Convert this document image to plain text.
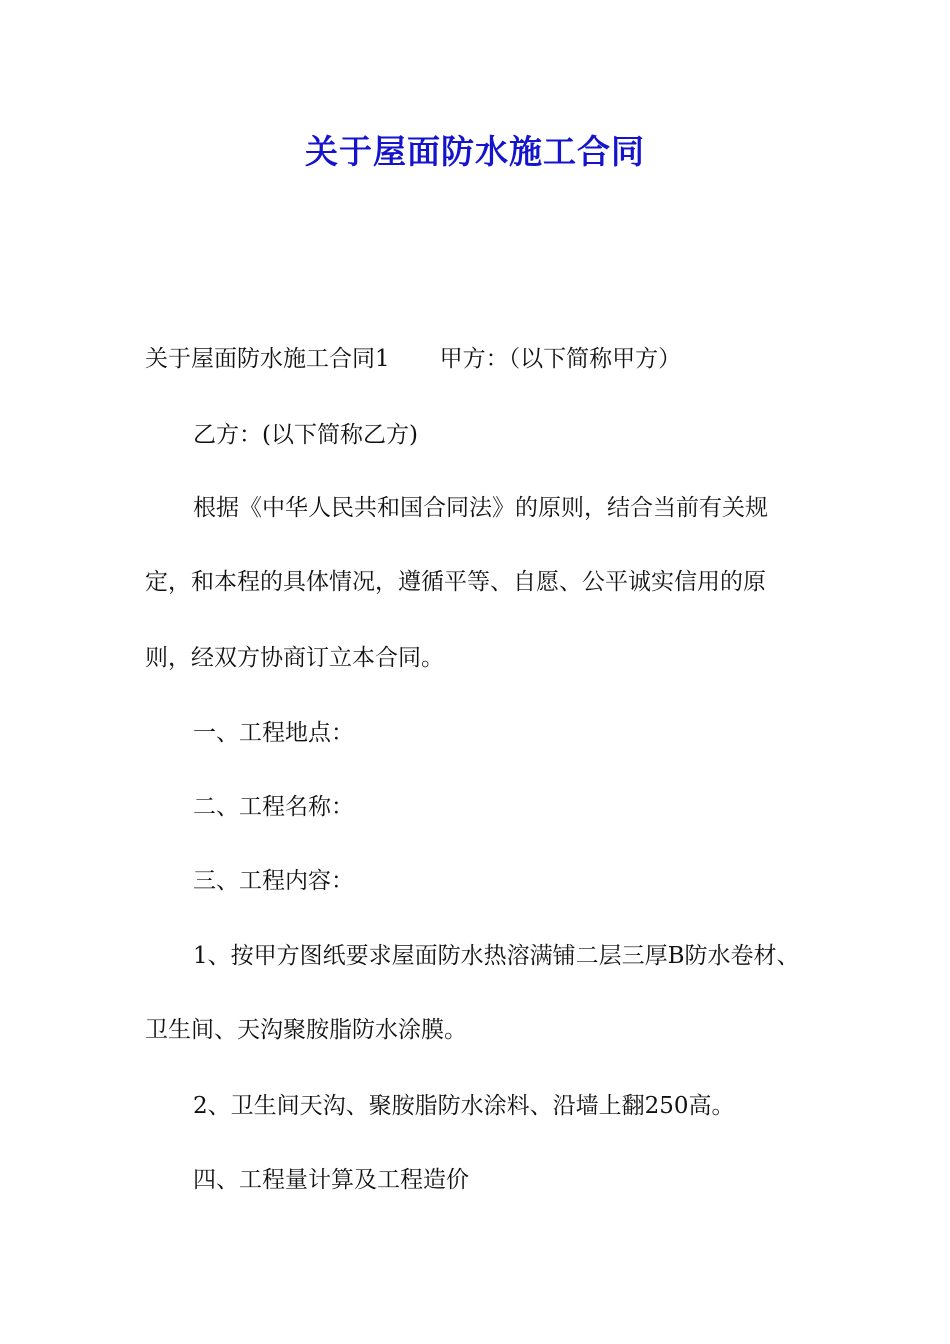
关于屋面防水施工合同

关于屋面防水施工合同1 甲方：（以下简称甲方）

乙方：(以下简称乙方)

根据《中华人民共和国合同法》的原则，结合当前有关规

定，和本程的具体情况，遵循平等、自愿、公平诚实信用的原

则，经双方协商订立本合同。

一、工程地点：

二、工程名称：

三、工程内容：

1、按甲方图纸要求屋面防水热溶满铺二层三厚B防水卷材、

卫生间、天沟聚胺脂防水涂膜。

2、卫生间天沟、聚胺脂防水涂料、沿墙上翻250高。

四、工程量计算及工程造价
